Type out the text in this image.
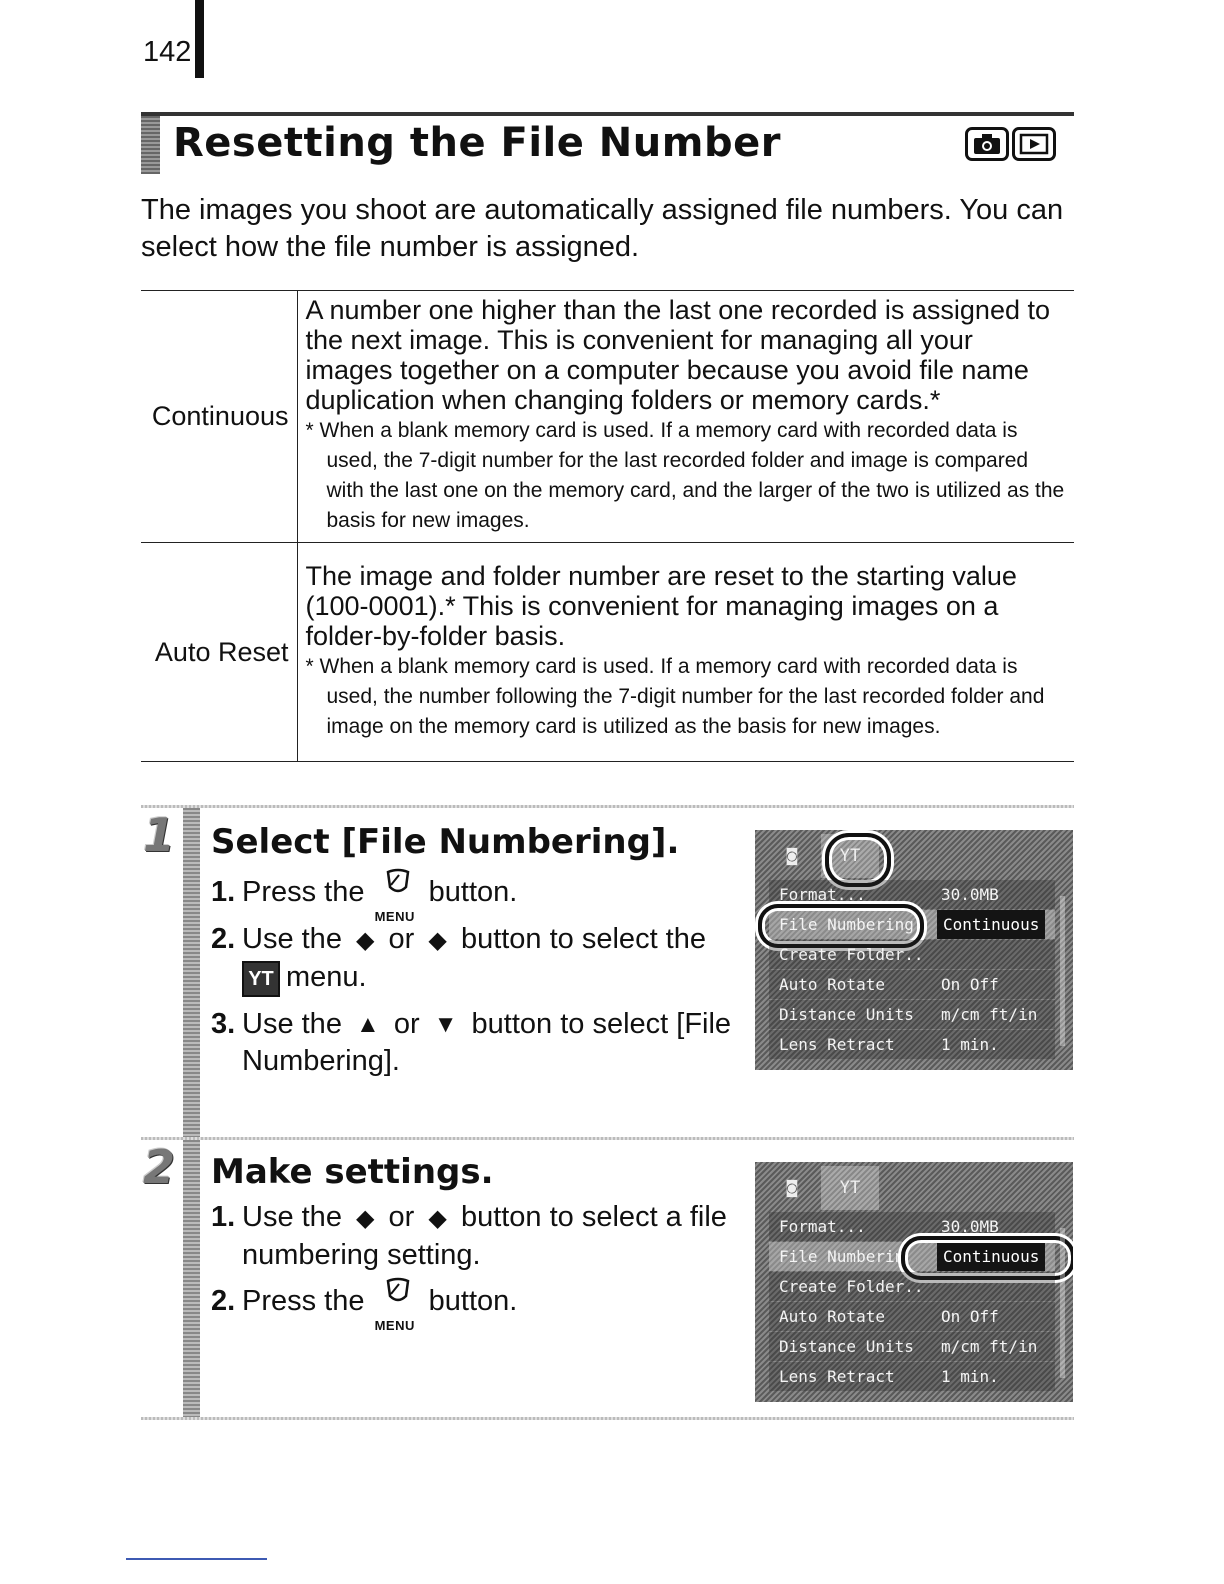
142
Resetting the File Number
The images you shoot are automatically assigned file numbers. You can select how the file number is assigned.
Continuous	A number one higher than the last one recorded is assigned to the next image. This is convenient for managing all your images together on a computer because you avoid file name duplication when changing folders or memory cards.*
* When a blank memory card is used. If a memory card with recorded data is used, the 7-digit number for the last recorded folder and image is compared with the last one on the memory card, and the larger of the two is utilized as the basis for new images.

Auto Reset	The image and folder number are reset to the starting value (100-0001).* This is convenient for managing images on a folder-by-folder basis.
* When a blank memory card is used. If a memory card with recorded data is used, the number following the 7-digit number for the last recorded folder and image on the memory card is utilized as the basis for new images.
1 Select [File Numbering].
1. Press the
MENU
button.
2. Use the ◆ or ◆ button to select the
YT menu.
3. Use the ▲ or ▼ button to select [File Numbering].
◙	YT
Format...	30.0MB
File Numbering	Continuous
Create Folder..
Auto Rotate	On Off
Distance Units m/cm ft/in
Lens Retract	1 min.
2 Make settings.
1. Use the ◆ or ◆ button to select a file numbering setting.
2. Press the
MENU
button.
◙	YT
Format...	30.0MB
File Numberin	Continuous
Create Folder..
Auto Rotate	On Off
Distance Units m/cm ft/in
Lens Retract	1 min.
